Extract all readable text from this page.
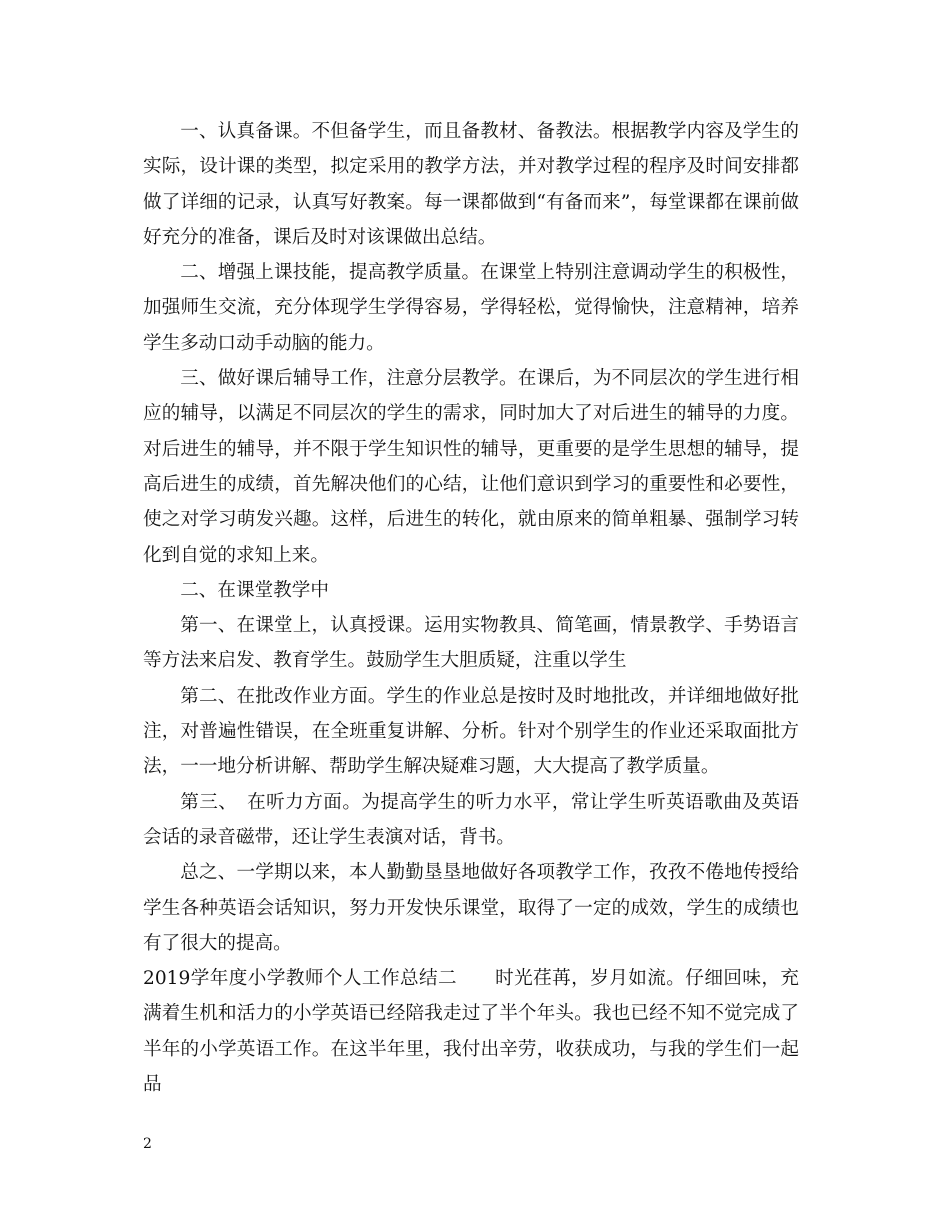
一、认真备课。不但备学生，而且备教材、备教法。根据教学内容及学生的实际，设计课的类型，拟定采用的教学方法，并对教学过程的程序及时间安排都做了详细的记录，认真写好教案。每一课都做到“有备而来”，每堂课都在课前做好充分的准备，课后及时对该课做出总结。

二、增强上课技能，提高教学质量。在课堂上特别注意调动学生的积极性，加强师生交流，充分体现学生学得容易，学得轻松，觉得愉快，注意精神，培养学生多动口动手动脑的能力。

三、做好课后辅导工作，注意分层教学。在课后，为不同层次的学生进行相应的辅导，以满足不同层次的学生的需求，同时加大了对后进生的辅导的力度。对后进生的辅导，并不限于学生知识性的辅导，更重要的是学生思想的辅导，提高后进生的成绩，首先解决他们的心结，让他们意识到学习的重要性和必要性，使之对学习萌发兴趣。这样，后进生的转化，就由原来的简单粗暴、强制学习转化到自觉的求知上来。

二、在课堂教学中

第一、在课堂上，认真授课。运用实物教具、简笔画，情景教学、手势语言等方法来启发、教育学生。鼓励学生大胆质疑，注重以学生

第二、在批改作业方面。学生的作业总是按时及时地批改，并详细地做好批注，对普遍性错误，在全班重复讲解、分析。针对个别学生的作业还采取面批方法，一一地分析讲解、帮助学生解决疑难习题，大大提高了教学质量。

第三、　在听力方面。为提高学生的听力水平，常让学生听英语歌曲及英语会话的录音磁带，还让学生表演对话，背书。

总之、一学期以来，本人勤勤垦垦地做好各项教学工作，孜孜不倦地传授给学生各种英语会话知识，努力开发快乐课堂，取得了一定的成效，学生的成绩也有了很大的提高。

2019学年度小学教师个人工作总结二　　时光荏苒，岁月如流。仔细回味，充满着生机和活力的小学英语已经陪我走过了半个年头。我也已经不知不觉完成了半年的小学英语工作。在这半年里，我付出辛劳，收获成功，与我的学生们一起品

2
